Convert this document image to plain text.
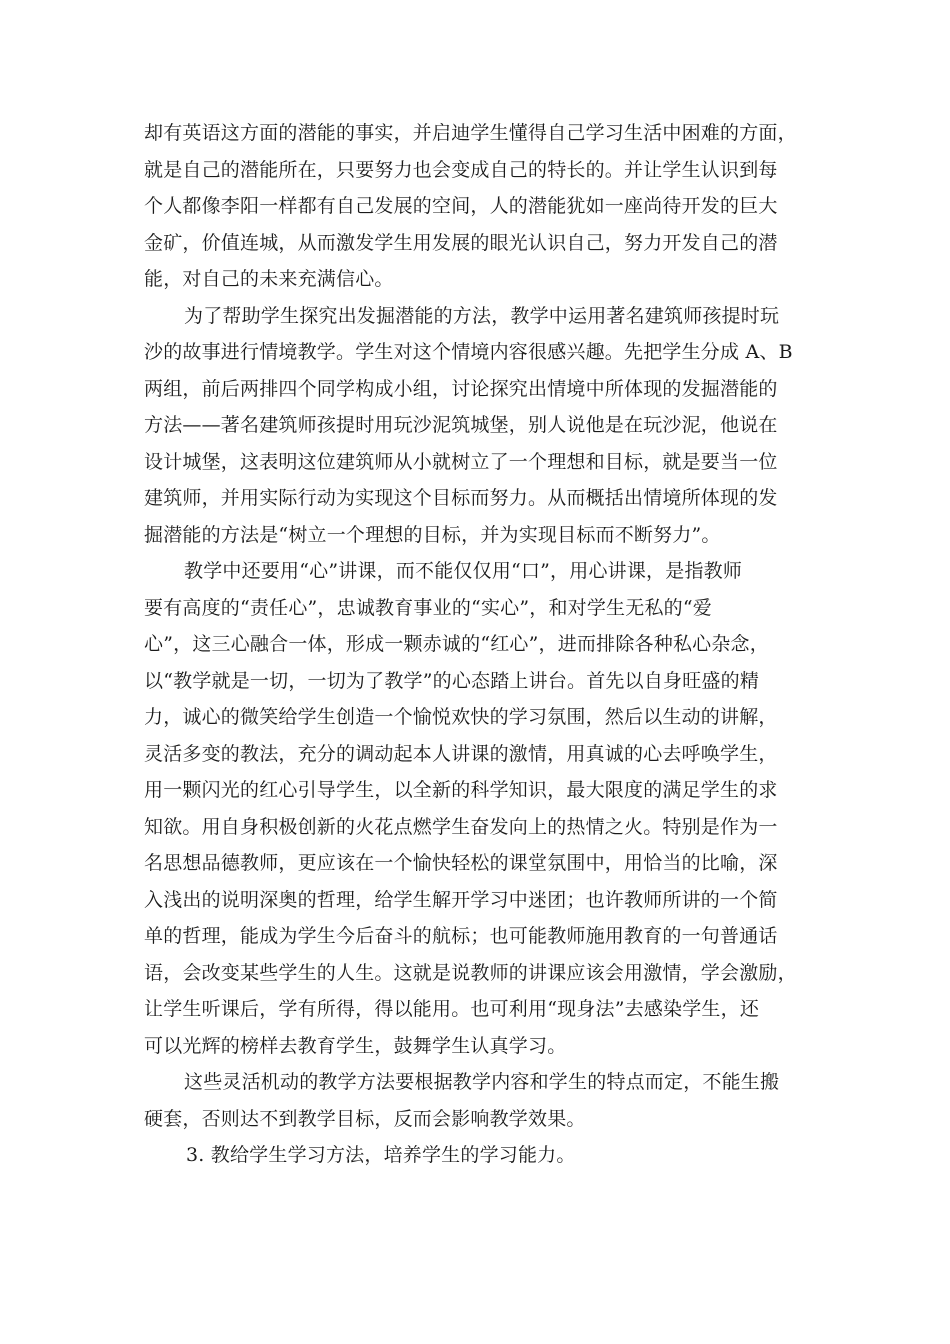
却有英语这方面的潜能的事实，并启迪学生懂得自己学习生活中困难的方面，
就是自己的潜能所在，只要努力也会变成自己的特长的。并让学生认识到每
个人都像李阳一样都有自己发展的空间，人的潜能犹如一座尚待开发的巨大
金矿，价值连城，从而激发学生用发展的眼光认识自己，努力开发自己的潜
能，对自己的未来充满信心。
为了帮助学生探究出发掘潜能的方法，教学中运用著名建筑师孩提时玩
沙的故事进行情境教学。学生对这个情境内容很感兴趣。先把学生分成 A、B
两组，前后两排四个同学构成小组，讨论探究出情境中所体现的发掘潜能的
方法——著名建筑师孩提时用玩沙泥筑城堡，别人说他是在玩沙泥，他说在
设计城堡，这表明这位建筑师从小就树立了一个理想和目标，就是要当一位
建筑师，并用实际行动为实现这个目标而努力。从而概括出情境所体现的发
掘潜能的方法是“树立一个理想的目标，并为实现目标而不断努力”。
教学中还要用“心”讲课，而不能仅仅用“口”，用心讲课，是指教师
要有高度的“责任心”，忠诚教育事业的“实心”，和对学生无私的“爱
心”，这三心融合一体，形成一颗赤诚的“红心”，进而排除各种私心杂念，
以“教学就是一切，一切为了教学”的心态踏上讲台。首先以自身旺盛的精
力，诚心的微笑给学生创造一个愉悦欢快的学习氛围，然后以生动的讲解，
灵活多变的教法，充分的调动起本人讲课的激情，用真诚的心去呼唤学生，
用一颗闪光的红心引导学生，以全新的科学知识，最大限度的满足学生的求
知欲。用自身积极创新的火花点燃学生奋发向上的热情之火。特别是作为一
名思想品德教师，更应该在一个愉快轻松的课堂氛围中，用恰当的比喻，深
入浅出的说明深奥的哲理，给学生解开学习中迷团；也许教师所讲的一个简
单的哲理，能成为学生今后奋斗的航标；也可能教师施用教育的一句普通话
语，会改变某些学生的人生。这就是说教师的讲课应该会用激情，学会激励，
让学生听课后，学有所得，得以能用。也可利用“现身法”去感染学生，还
可以光辉的榜样去教育学生，鼓舞学生认真学习。
这些灵活机动的教学方法要根据教学内容和学生的特点而定，不能生搬
硬套，否则达不到教学目标，反而会影响教学效果。
3. 教给学生学习方法，培养学生的学习能力。
